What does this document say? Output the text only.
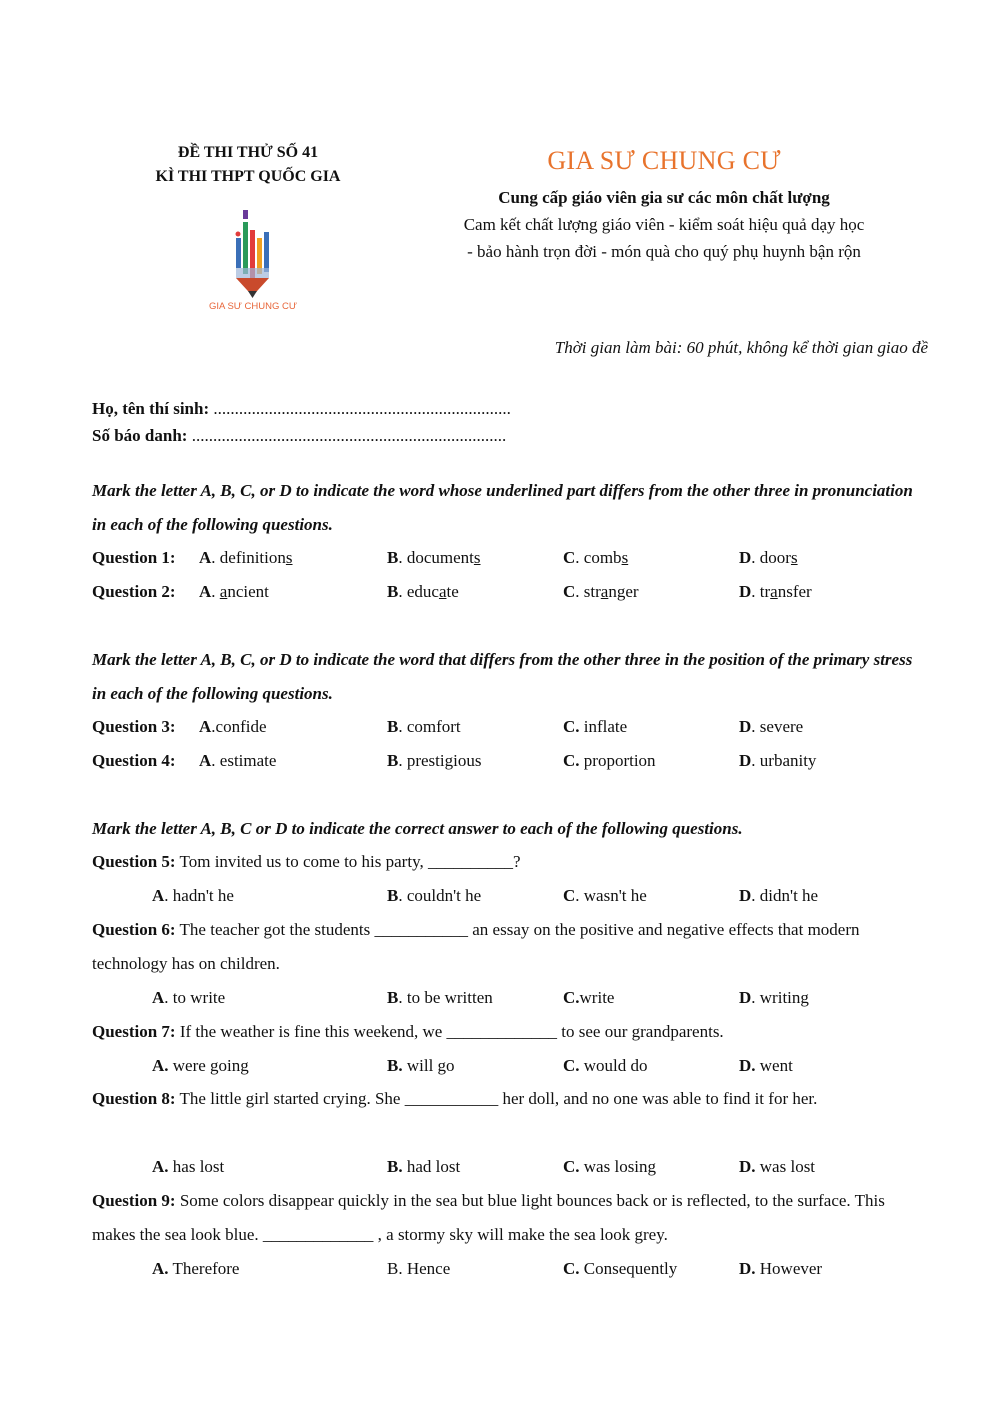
ĐỀ THI THỬ SỐ 41
KÌ THI THPT QUỐC GIA
GIA SƯ CHUNG CƯ
GIA SƯ CHUNG CƯ
Cung cấp giáo viên gia sư các môn chất lượng
Cam kết chất lượng giáo viên - kiểm soát hiệu quả dạy học
- bảo hành trọn đời - món quà cho quý phụ huynh bận rộn
Thời gian làm bài: 60 phút, không kể thời gian giao đề
Họ, tên thí sinh: ......................................................................
Số báo danh: ..........................................................................
Mark the letter A, B, C, or D to indicate the word whose underlined part differs from the other three in pronunciation in each of the following questions.
Question 1: A. definitions	B. documents	C. combs	D. doors
Question 2: A. ancient	B. educate	C. stranger	D. transfer
Mark the letter A, B, C, or D to indicate the word that differs from the other three in the position of the primary stress in each of the following questions.
Question 3: A.confide	B. comfort	C. inflate	D. severe
Question 4: A. estimate	B. prestigious	C. proportion	D. urbanity
Mark the letter A, B, C or D to indicate the correct answer to each of the following questions.
Question 5: Tom invited us to come to his party, __________?
A. hadn't he	B. couldn't he	C. wasn't he	D. didn't he
Question 6: The teacher got the students ___________ an essay on the positive and negative effects that modern technology has on children.
A. to write	B. to be written	C.write	D. writing
Question 7: If the weather is fine this weekend, we _____________ to see our grandparents.
A. were going	B. will go	C. would do	D. went
Question 8: The little girl started crying. She ___________ her doll, and no one was able to find it for her.
A. has lost	B. had lost	C. was losing	D. was lost
Question 9: Some colors disappear quickly in the sea but blue light bounces back or is reflected, to the surface. This makes the sea look blue. _____________ , a stormy sky will make the sea look grey.
A. Therefore	B. Hence	C. Consequently	D. However
